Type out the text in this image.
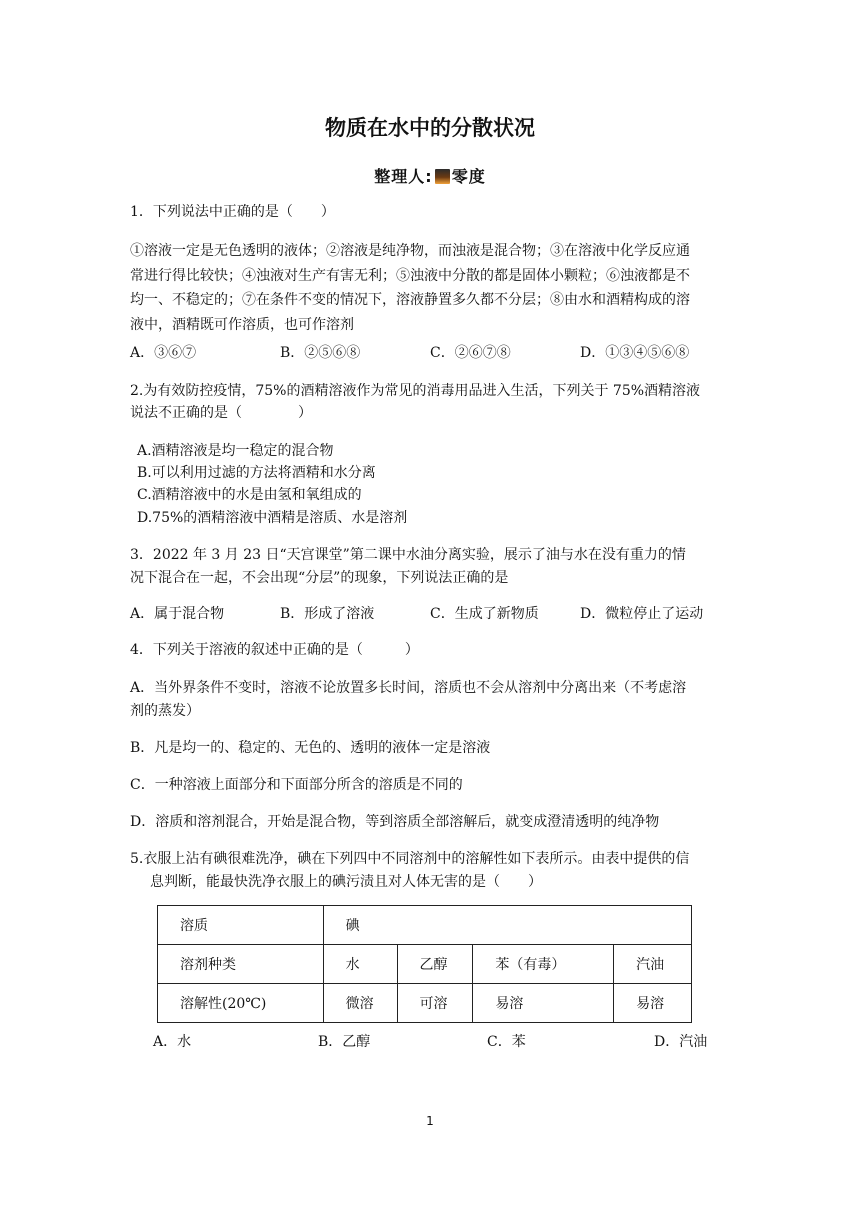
物质在水中的分散状况
整理人: 零度
1．下列说法中正确的是（　　）
①溶液一定是无色透明的液体；②溶液是纯净物，而浊液是混合物；③在溶液中化学反应通
常进行得比较快；④浊液对生产有害无利；⑤浊液中分散的都是固体小颗粒；⑥浊液都是不
均一、不稳定的；⑦在条件不变的情况下，溶液静置多久都不分层；⑧由水和酒精构成的溶
液中，酒精既可作溶质，也可作溶剂
A．③⑥⑦	B．②⑤⑥⑧	C．②⑥⑦⑧	D．①③④⑤⑥⑧
2.为有效防控疫情，75%的酒精溶液作为常见的消毒用品进入生活，下列关于 75%酒精溶液
说法不正确的是（　　　　）
A.酒精溶液是均一稳定的混合物
B.可以利用过滤的方法将酒精和水分离
C.酒精溶液中的水是由氢和氧组成的
D.75%的酒精溶液中酒精是溶质、水是溶剂
3．2022 年 3 月 23 日“天宫课堂”第二课中水油分离实验，展示了油与水在没有重力的情
况下混合在一起，不会出现“分层”的现象，下列说法正确的是
A．属于混合物	B．形成了溶液	C．生成了新物质	D．微粒停止了运动
4．下列关于溶液的叙述中正确的是（　　　）
A．当外界条件不变时，溶液不论放置多长时间，溶质也不会从溶剂中分离出来（不考虑溶
剂的蒸发）
B．凡是均一的、稳定的、无色的、透明的液体一定是溶液
C．一种溶液上面部分和下面部分所含的溶质是不同的
D．溶质和溶剂混合，开始是混合物，等到溶质全部溶解后，就变成澄清透明的纯净物
5.衣服上沾有碘很难洗净，碘在下列四中不同溶剂中的溶解性如下表所示。由表中提供的信
息判断，能最快洗净衣服上的碘污渍且对人体无害的是（　　）
溶质	碘			
溶剂种类	水	乙醇	苯（有毒）	汽油
溶解性(20℃)	微溶	可溶	易溶	易溶
A．水	B．乙醇	C．苯	D．汽油
1
